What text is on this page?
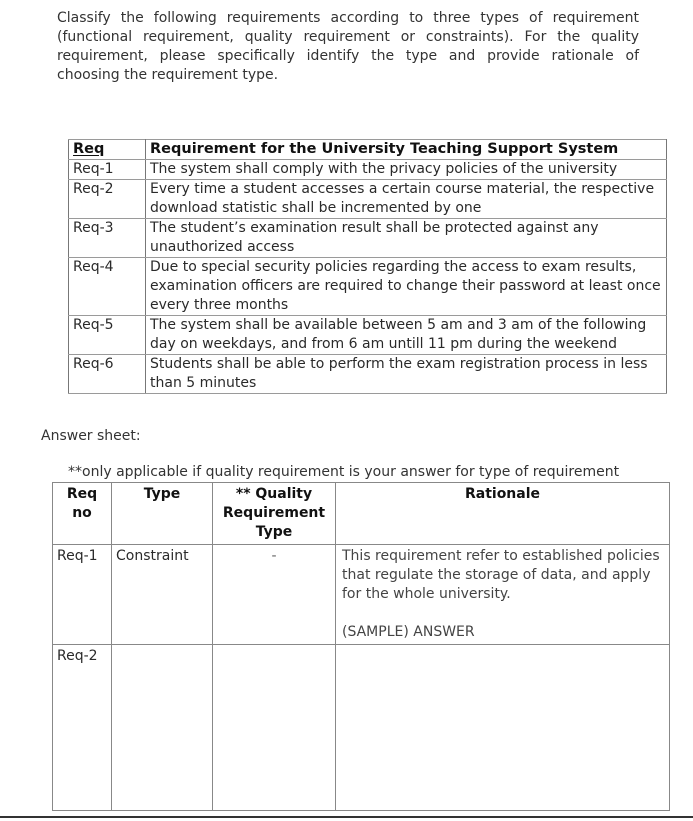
Classify the following requirements according to three types of requirement (functional requirement, quality requirement or constraints). For the quality requirement, please specifically identify the type and provide rationale of choosing the requirement type.
Req	Requirement for the University Teaching Support System
Req-1	The system shall comply with the privacy policies of the university
Req-2	Every time a student accesses a certain course material, the respective download statistic shall be incremented by one
Req-3	The student’s examination result shall be protected against any unauthorized access
Req-4	Due to special security policies regarding the access to exam results, examination officers are required to change their password at least once every three months
Req-5	The system shall be available between 5 am and 3 am of the following day on weekdays, and from 6 am untill 11 pm during the weekend
Req-6	Students shall be able to perform the exam registration process in less than 5 minutes
Answer sheet:
**only applicable if quality requirement is your answer for type of requirement
Req no	Type	** Quality Requirement Type	Rationale
Req-1	Constraint	-	This requirement refer to established policies that regulate the storage of data, and apply for the whole university.
(SAMPLE) ANSWER

Req-2			
